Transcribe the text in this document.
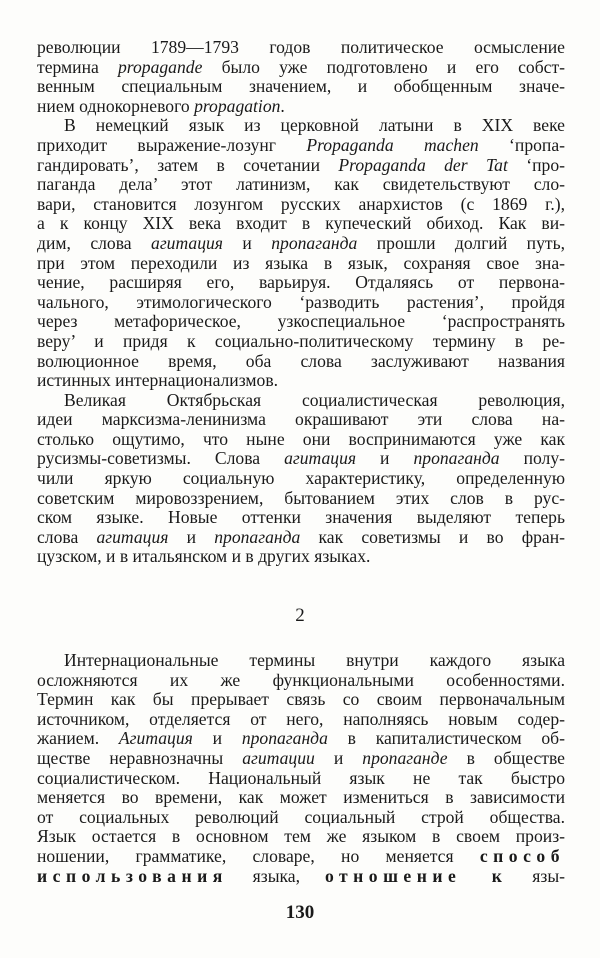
революции 1789—1793 годов политическое осмысление
термина propagande было уже подготовлено и его собст-
венным специальным значением, и обобщенным значе-
нием однокорневого propagation.
В немецкий язык из церковной латыни в XIX веке
приходит выражение-лозунг Propaganda machen ‘пропа-
гандировать’, затем в сочетании Propaganda der Tat ‘про-
паганда дела’ этот латинизм, как свидетельствуют сло-
вари, становится лозунгом русских анархистов (с 1869 г.),
а к концу XIX века входит в купеческий обиход. Как ви-
дим, слова агитация и пропаганда прошли долгий путь,
при этом переходили из языка в язык, сохраняя свое зна-
чение, расширяя его, варьируя. Отдаляясь от первона-
чального, этимологического ‘разводить растения’, пройдя
через метафорическое, узкоспециальное ‘распространять
веру’ и придя к социально-политическому термину в ре-
волюционное время, оба слова заслуживают названия
истинных интернационализмов.
Великая Октябрьская социалистическая революция,
идеи марксизма-ленинизма окрашивают эти слова на-
столько ощутимо, что ныне они воспринимаются уже как
русизмы-советизмы. Слова агитация и пропаганда полу-
чили яркую социальную характеристику, определенную
советским мировоззрением, бытованием этих слов в рус-
ском языке. Новые оттенки значения выделяют теперь
слова агитация и пропаганда как советизмы и во фран-
цузском, и в итальянском и в других языках.
2
Интернациональные термины внутри каждого языка
осложняются их же функциональными особенностями.
Термин как бы прерывает связь со своим первоначальным
источником, отделяется от него, наполняясь новым содер-
жанием. Агитация и пропаганда в капиталистическом об-
ществе неравнозначны агитации и пропаганде в обществе
социалистическом. Национальный язык не так быстро
меняется во времени, как может измениться в зависимости
от социальных революций социальный строй общества.
Язык остается в основном тем же языком в своем произ-
ношении, грамматике, словаре, но меняется способ
использования языка, отношение к язы-
130
